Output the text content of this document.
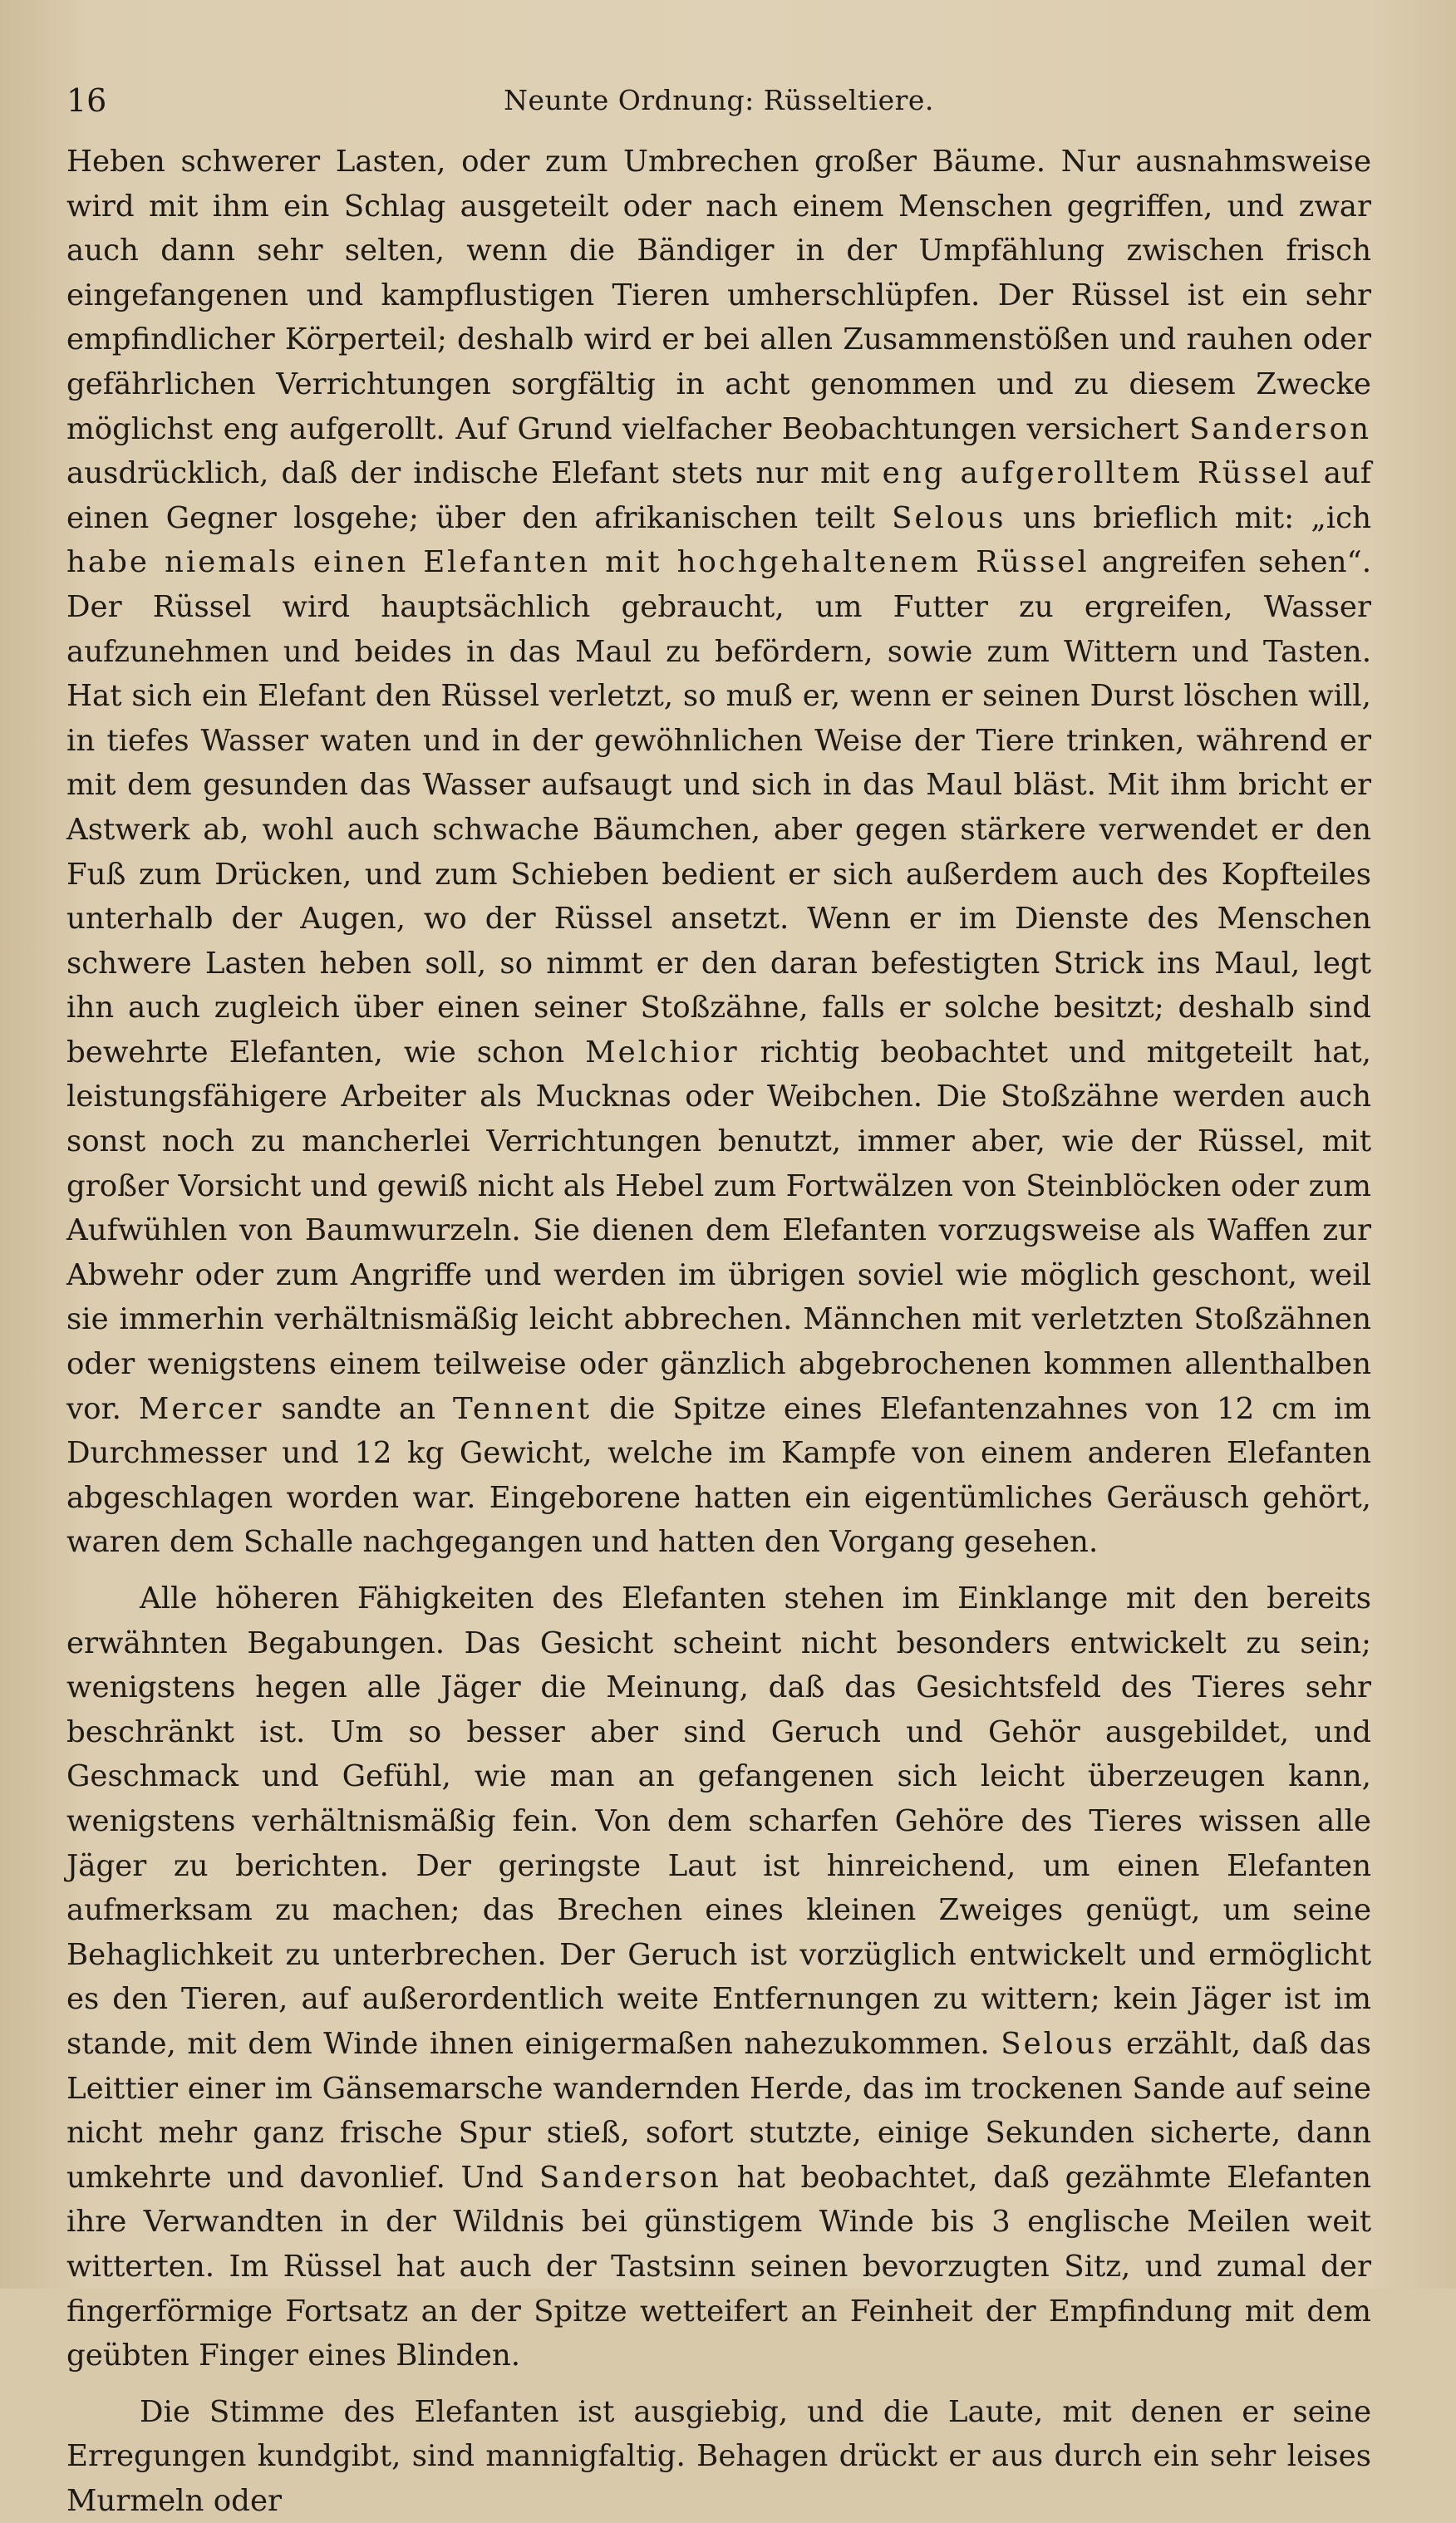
16	Neunte Ordnung: Rüsseltiere.

Heben schwerer Lasten, oder zum Umbrechen großer Bäume. Nur ausnahmsweise wird mit ihm ein Schlag ausgeteilt oder nach einem Menschen gegriffen, und zwar auch dann sehr selten, wenn die Bändiger in der Umpfählung zwischen frisch eingefangenen und kampflustigen Tieren umherschlüpfen. Der Rüssel ist ein sehr empfindlicher Körperteil; deshalb wird er bei allen Zusammenstößen und rauhen oder gefährlichen Verrichtungen sorgfältig in acht genommen und zu diesem Zwecke möglichst eng aufgerollt. Auf Grund vielfacher Beobachtungen versichert Sanderson ausdrücklich, daß der indische Elefant stets nur mit eng aufgerolltem Rüssel auf einen Gegner losgehe; über den afrikanischen teilt Selous uns brieflich mit: „ich habe niemals einen Elefanten mit hochgehaltenem Rüssel angreifen sehen“. Der Rüssel wird hauptsächlich gebraucht, um Futter zu ergreifen, Wasser aufzunehmen und beides in das Maul zu befördern, sowie zum Wittern und Tasten. Hat sich ein Elefant den Rüssel verletzt, so muß er, wenn er seinen Durst löschen will, in tiefes Wasser waten und in der gewöhnlichen Weise der Tiere trinken, während er mit dem gesunden das Wasser aufsaugt und sich in das Maul bläst. Mit ihm bricht er Astwerk ab, wohl auch schwache Bäumchen, aber gegen stärkere verwendet er den Fuß zum Drücken, und zum Schieben bedient er sich außerdem auch des Kopfteiles unterhalb der Augen, wo der Rüssel ansetzt. Wenn er im Dienste des Menschen schwere Lasten heben soll, so nimmt er den daran befestigten Strick ins Maul, legt ihn auch zugleich über einen seiner Stoßzähne, falls er solche besitzt; deshalb sind bewehrte Elefanten, wie schon Melchior richtig beobachtet und mitgeteilt hat, leistungsfähigere Arbeiter als Mucknas oder Weibchen. Die Stoßzähne werden auch sonst noch zu mancherlei Verrichtungen benutzt, immer aber, wie der Rüssel, mit großer Vorsicht und gewiß nicht als Hebel zum Fortwälzen von Steinblöcken oder zum Aufwühlen von Baumwurzeln. Sie dienen dem Elefanten vorzugsweise als Waffen zur Abwehr oder zum Angriffe und werden im übrigen soviel wie möglich geschont, weil sie immerhin verhältnismäßig leicht abbrechen. Männchen mit verletzten Stoßzähnen oder wenigstens einem teilweise oder gänzlich abgebrochenen kommen allenthalben vor. Mercer sandte an Tennent die Spitze eines Elefantenzahnes von 12 cm im Durchmesser und 12 kg Gewicht, welche im Kampfe von einem anderen Elefanten abgeschlagen worden war. Eingeborene hatten ein eigentümliches Geräusch gehört, waren dem Schalle nachgegangen und hatten den Vorgang gesehen.

Alle höheren Fähigkeiten des Elefanten stehen im Einklange mit den bereits erwähnten Begabungen. Das Gesicht scheint nicht besonders entwickelt zu sein; wenigstens hegen alle Jäger die Meinung, daß das Gesichtsfeld des Tieres sehr beschränkt ist. Um so besser aber sind Geruch und Gehör ausgebildet, und Geschmack und Gefühl, wie man an gefangenen sich leicht überzeugen kann, wenigstens verhältnismäßig fein. Von dem scharfen Gehöre des Tieres wissen alle Jäger zu berichten. Der geringste Laut ist hinreichend, um einen Elefanten aufmerksam zu machen; das Brechen eines kleinen Zweiges genügt, um seine Behaglichkeit zu unterbrechen. Der Geruch ist vorzüglich entwickelt und ermöglicht es den Tieren, auf außerordentlich weite Entfernungen zu wittern; kein Jäger ist im stande, mit dem Winde ihnen einigermaßen nahezukommen. Selous erzählt, daß das Leittier einer im Gänsemarsche wandernden Herde, das im trockenen Sande auf seine nicht mehr ganz frische Spur stieß, sofort stutzte, einige Sekunden sicherte, dann umkehrte und davonlief. Und Sanderson hat beobachtet, daß gezähmte Elefanten ihre Verwandten in der Wildnis bei günstigem Winde bis 3 englische Meilen weit witterten. Im Rüssel hat auch der Tastsinn seinen bevorzugten Sitz, und zumal der fingerförmige Fortsatz an der Spitze wetteifert an Feinheit der Empfindung mit dem geübten Finger eines Blinden.

Die Stimme des Elefanten ist ausgiebig, und die Laute, mit denen er seine Erregungen kundgibt, sind mannigfaltig. Behagen drückt er aus durch ein sehr leises Murmeln oder
